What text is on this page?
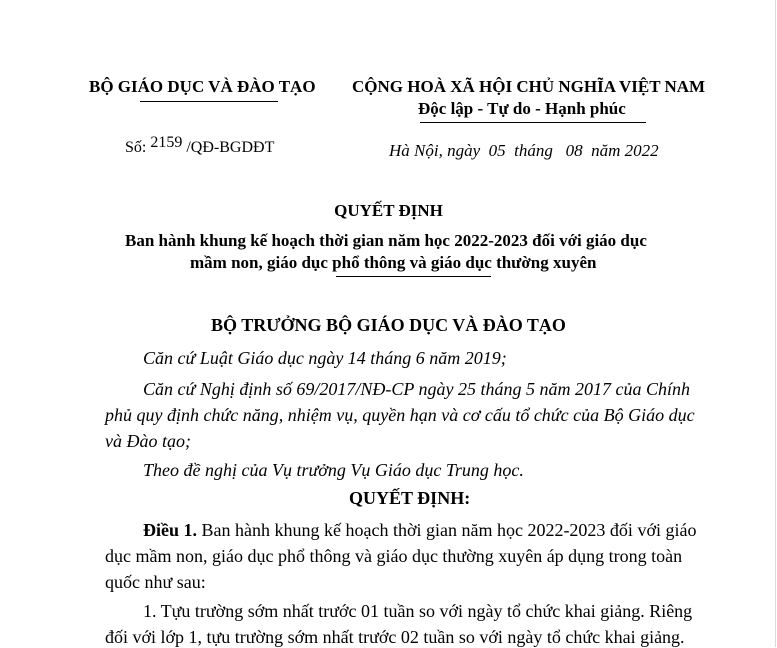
BỘ GIÁO DỤC VÀ ĐÀO TẠO CỘNG HOÀ XÃ HỘI CHỦ NGHĨA VIỆT NAM
Độc lập - Tự do - Hạnh phúc
Số: 2159 /QĐ-BGDĐT	Hà Nội, ngày  05  tháng   08  năm 2022
QUYẾT ĐỊNH
Ban hành khung kế hoạch thời gian năm học 2022-2023 đối với giáo dục
mầm non, giáo dục phổ thông và giáo dục thường xuyên
BỘ TRƯỞNG BỘ GIÁO DỤC VÀ ĐÀO TẠO
Căn cứ Luật Giáo dục ngày 14 tháng 6 năm 2019;
Căn cứ Nghị định số 69/2017/NĐ-CP ngày 25 tháng 5 năm 2017 của Chính
phủ quy định chức năng, nhiệm vụ, quyền hạn và cơ cấu tổ chức của Bộ Giáo dục
và Đào tạo;
Theo đề nghị của Vụ trưởng Vụ Giáo dục Trung học.
QUYẾT ĐỊNH:
Điều 1. Ban hành khung kế hoạch thời gian năm học 2022-2023 đối với giáo
dục mầm non, giáo dục phổ thông và giáo dục thường xuyên áp dụng trong toàn
quốc như sau:
1. Tựu trường sớm nhất trước 01 tuần so với ngày tổ chức khai giảng. Riêng
đối với lớp 1, tựu trường sớm nhất trước 02 tuần so với ngày tổ chức khai giảng.
